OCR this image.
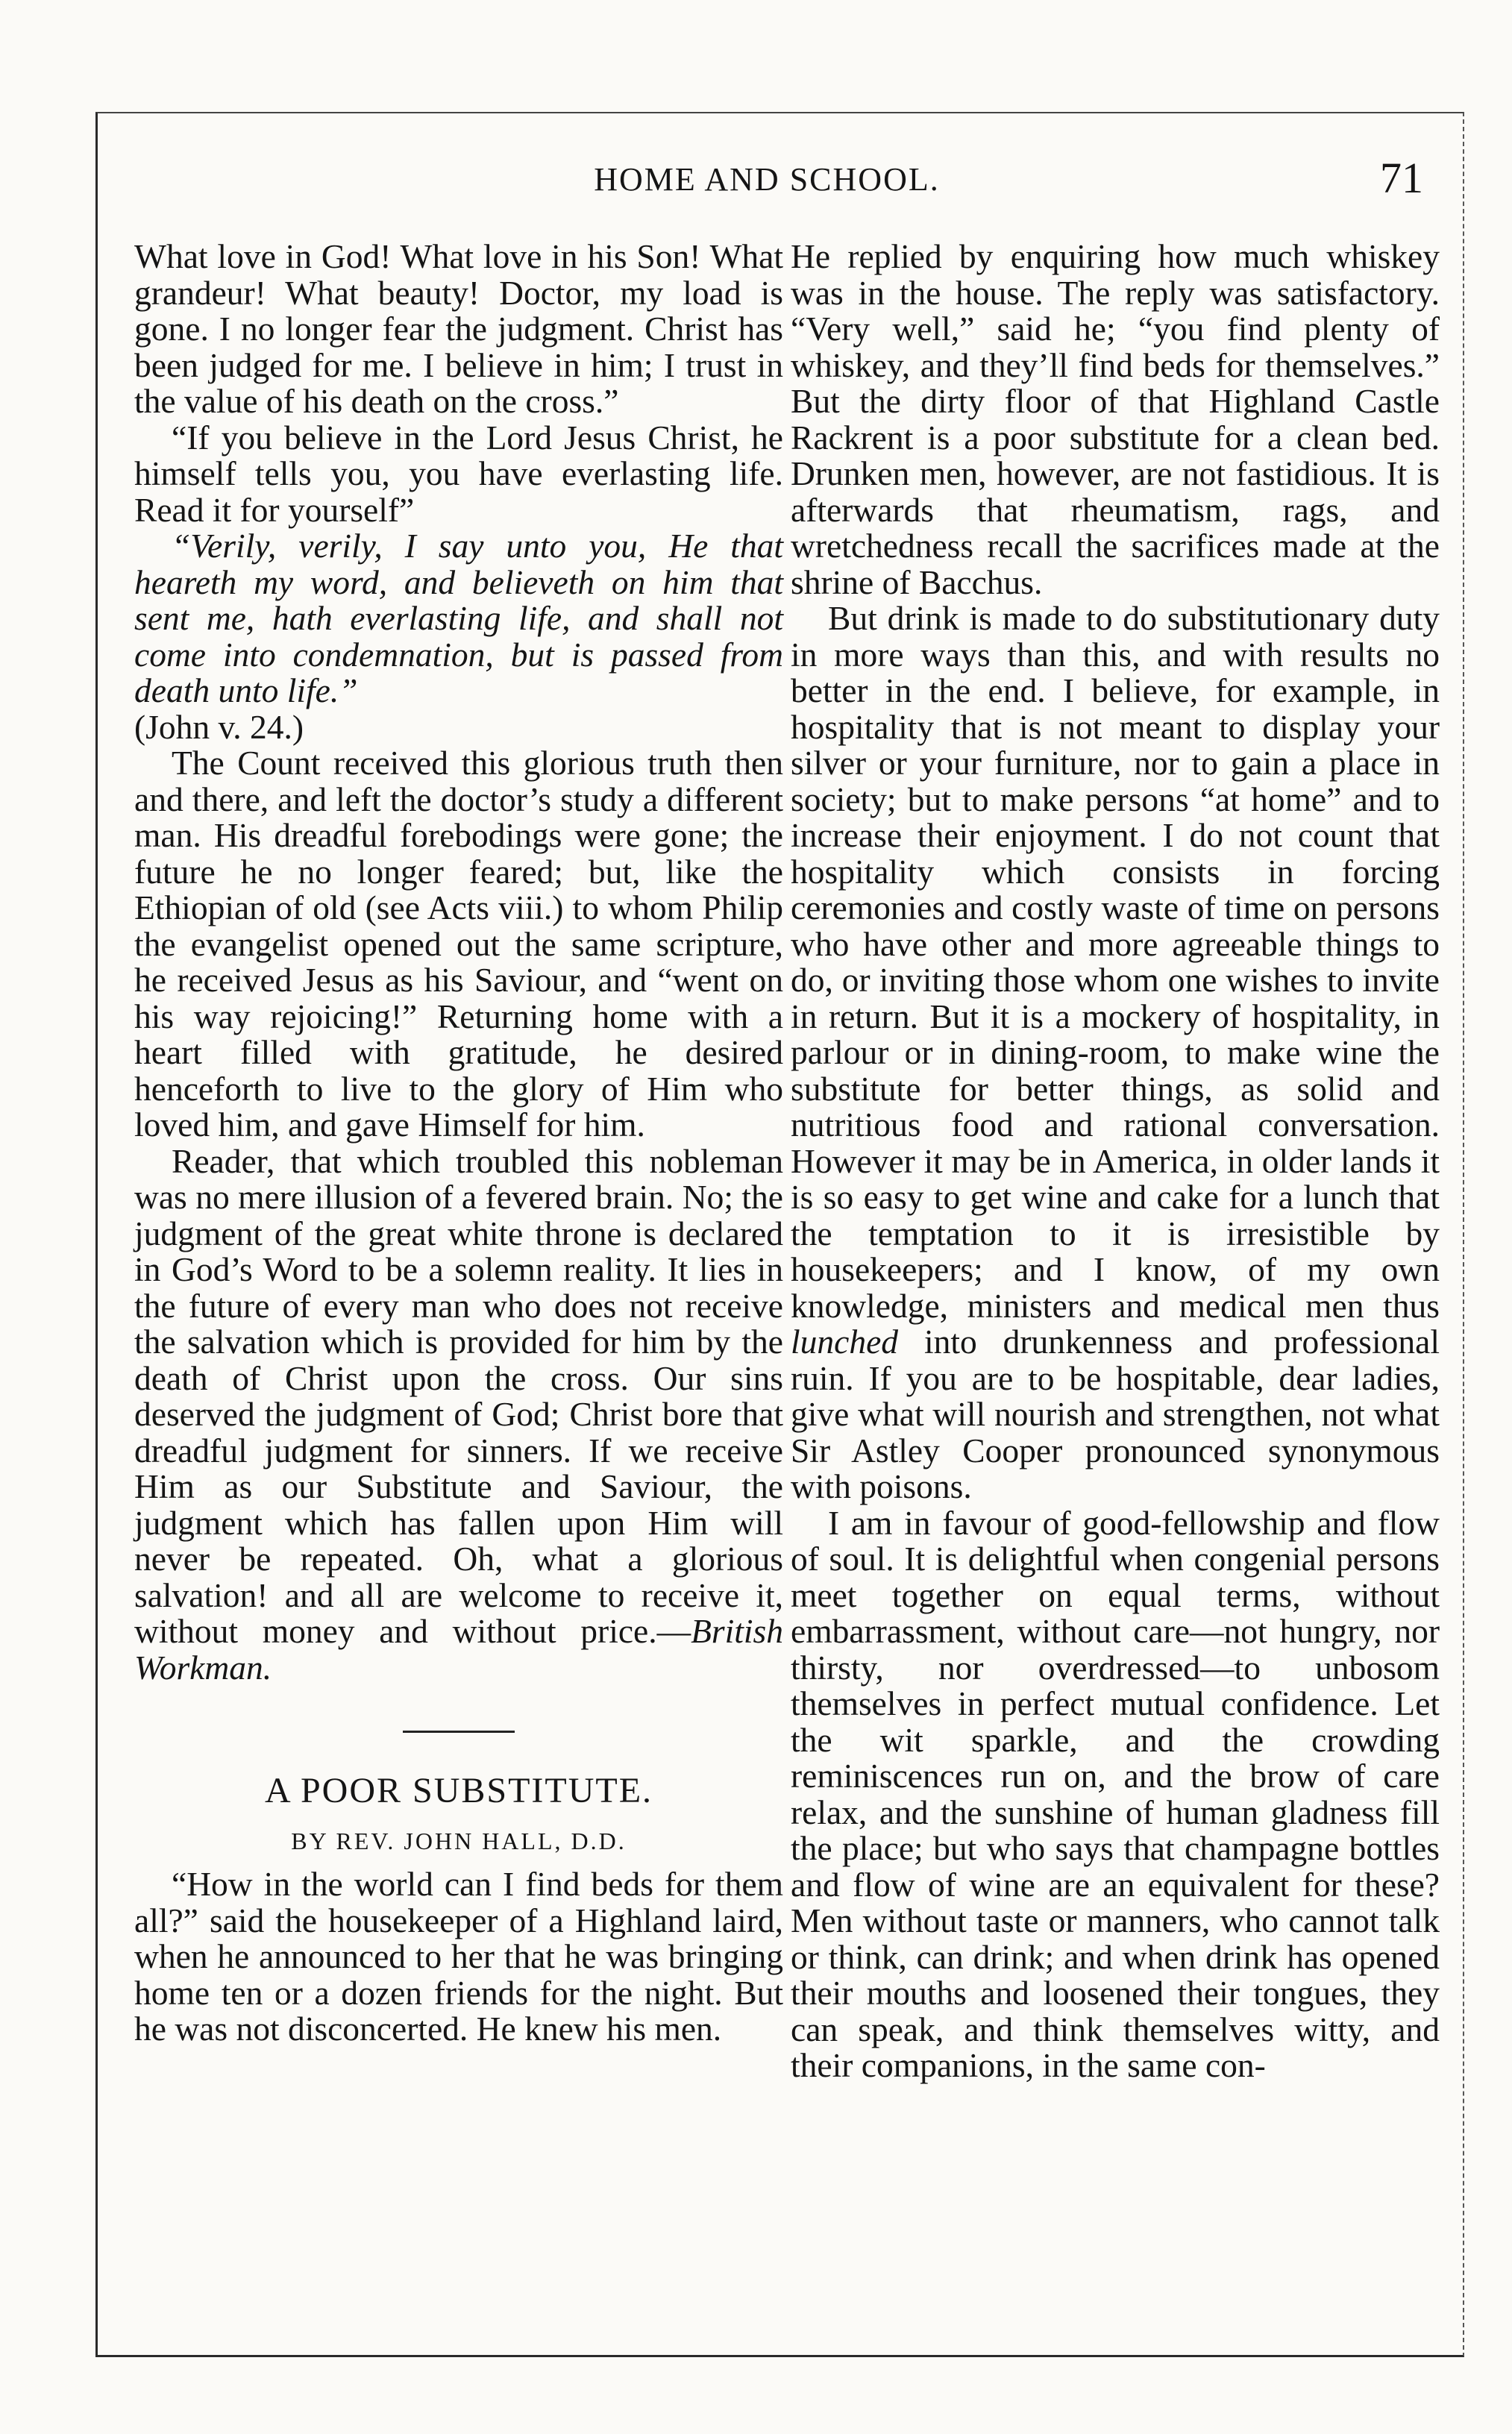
HOME AND SCHOOL.	71

What love in God! What love in his Son! What grandeur! What beauty! Doctor, my load is gone. I no longer fear the judgment. Christ has been judged for me. I believe in him; I trust in the value of his death on the cross.”

“If you believe in the Lord Jesus Christ, he himself tells you, you have everlasting life. Read it for yourself”

“Verily, verily, I say unto you, He that heareth my word, and believeth on him that sent me, hath everlasting life, and shall not come into condemnation, but is passed from death unto life.”

(John v. 24.)

The Count received this glorious truth then and there, and left the doctor’s study a different man. His dreadful forebodings were gone; the future he no longer feared; but, like the Ethiopian of old (see Acts viii.) to whom Philip the evangelist opened out the same scripture, he received Jesus as his Saviour, and “went on his way rejoicing!” Returning home with a heart filled with gratitude, he desired henceforth to live to the glory of Him who loved him, and gave Himself for him.

Reader, that which troubled this nobleman was no mere illusion of a fevered brain. No; the judgment of the great white throne is declared in God’s Word to be a solemn reality. It lies in the future of every man who does not receive the salvation which is provided for him by the death of Christ upon the cross. Our sins deserved the judgment of God; Christ bore that dreadful judgment for sinners. If we receive Him as our Substitute and Saviour, the judgment which has fallen upon Him will never be repeated. Oh, what a glorious salvation! and all are welcome to receive it, without money and without price.—British Workman.

A POOR SUBSTITUTE.
BY REV. JOHN HALL, D.D.

“How in the world can I find beds for them all?” said the housekeeper of a Highland laird, when he announced to her that he was bringing home ten or a dozen friends for the night. But he was not disconcerted. He knew his men.

He replied by enquiring how much whiskey was in the house. The reply was satisfactory. “Very well,” said he; “you find plenty of whiskey, and they’ll find beds for themselves.” But the dirty floor of that Highland Castle Rackrent is a poor substitute for a clean bed. Drunken men, however, are not fastidious. It is afterwards that rheumatism, rags, and wretchedness recall the sacrifices made at the shrine of Bacchus.

But drink is made to do substitutionary duty in more ways than this, and with results no better in the end. I believe, for example, in hospitality that is not meant to display your silver or your furniture, nor to gain a place in society; but to make persons “at home” and to increase their enjoyment. I do not count that hospitality which consists in forcing ceremonies and costly waste of time on persons who have other and more agreeable things to do, or inviting those whom one wishes to invite in return. But it is a mockery of hospitality, in parlour or in dining-room, to make wine the substitute for better things, as solid and nutritious food and rational conversation. However it may be in America, in older lands it is so easy to get wine and cake for a lunch that the temptation to it is irresistible by housekeepers; and I know, of my own knowledge, ministers and medical men thus lunched into drunkenness and professional ruin. If you are to be hospitable, dear ladies, give what will nourish and strengthen, not what Sir Astley Cooper pronounced synonymous with poisons.

I am in favour of good-fellowship and flow of soul. It is delightful when congenial persons meet together on equal terms, without embarrassment, without care—not hungry, nor thirsty, nor overdressed—to unbosom themselves in perfect mutual confidence. Let the wit sparkle, and the crowding reminiscences run on, and the brow of care relax, and the sunshine of human gladness fill the place; but who says that champagne bottles and flow of wine are an equivalent for these? Men without taste or manners, who cannot talk or think, can drink; and when drink has opened their mouths and loosened their tongues, they can speak, and think themselves witty, and their companions, in the same con-
